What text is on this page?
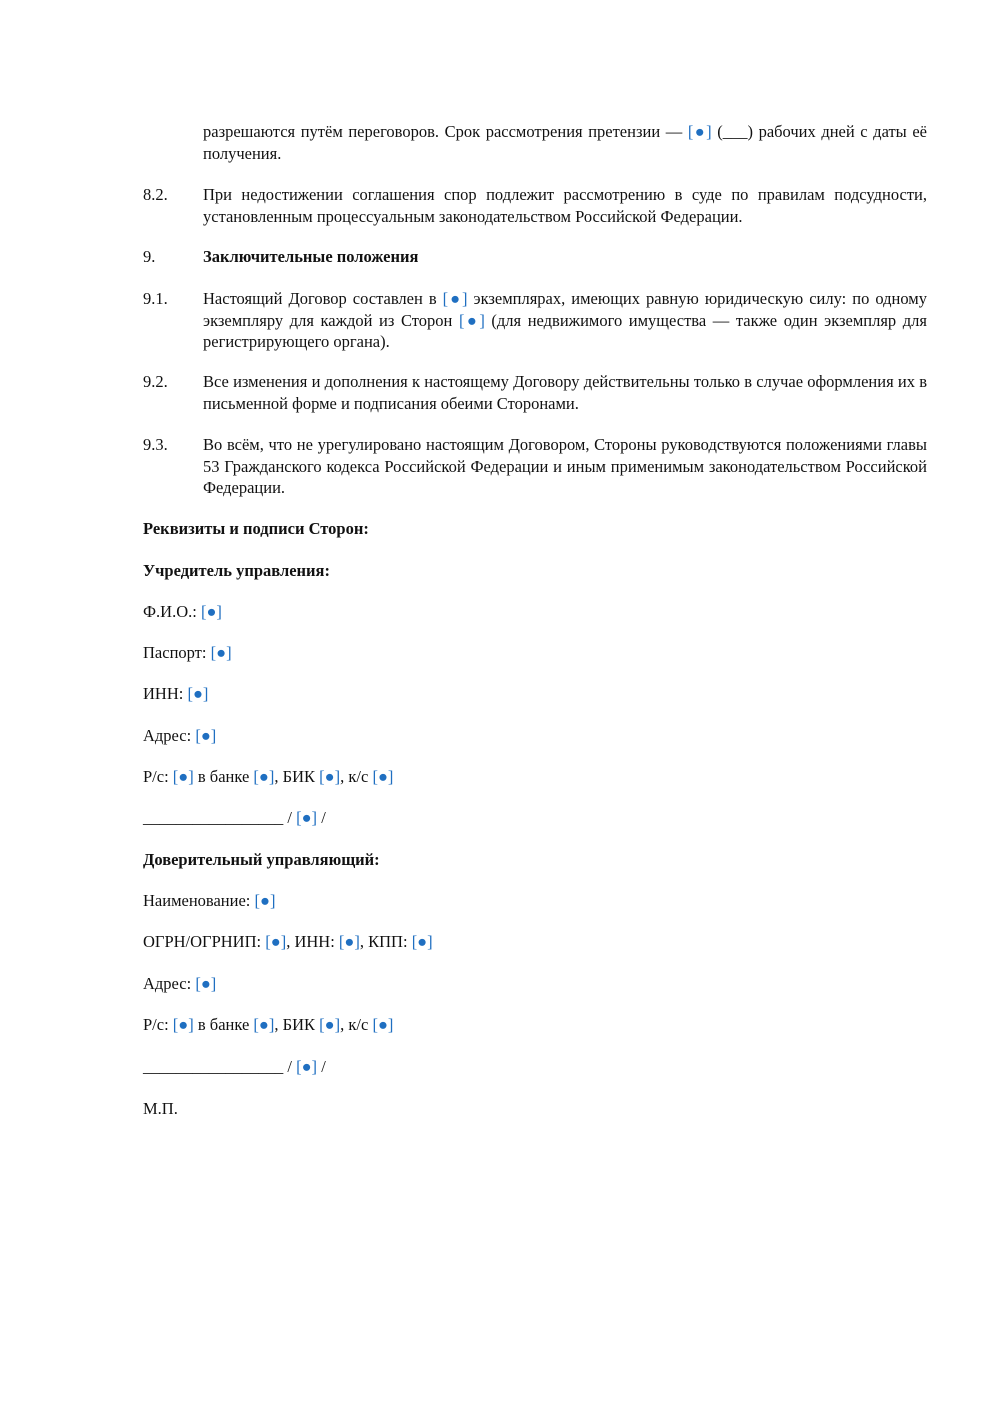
разрешаются путём переговоров. Срок рассмотрения претензии — [●] (___) рабочих дней с даты её получения.
8.2.	При недостижении соглашения спор подлежит рассмотрению в суде по правилам подсудности, установленным процессуальным законодательством Российской Федерации.
9.	Заключительные положения
9.1.	Настоящий Договор составлен в [●] экземплярах, имеющих равную юридическую силу: по одному экземпляру для каждой из Сторон [●] (для недвижимого имущества — также один экземпляр для регистрирующего органа).
9.2.	Все изменения и дополнения к настоящему Договору действительны только в случае оформления их в письменной форме и подписания обеими Сторонами.
9.3.	Во всём, что не урегулировано настоящим Договором, Стороны руководствуются положениями главы 53 Гражданского кодекса Российской Федерации и иным применимым законодательством Российской Федерации.
Реквизиты и подписи Сторон:
Учредитель управления:
Ф.И.О.: [●]
Паспорт: [●]
ИНН: [●]
Адрес: [●]
Р/с: [●] в банке [●], БИК [●], к/с [●]
_________________ / [●] /
Доверительный управляющий:
Наименование: [●]
ОГРН/ОГРНИП: [●], ИНН: [●], КПП: [●]
Адрес: [●]
Р/с: [●] в банке [●], БИК [●], к/с [●]
_________________ / [●] /
М.П.
